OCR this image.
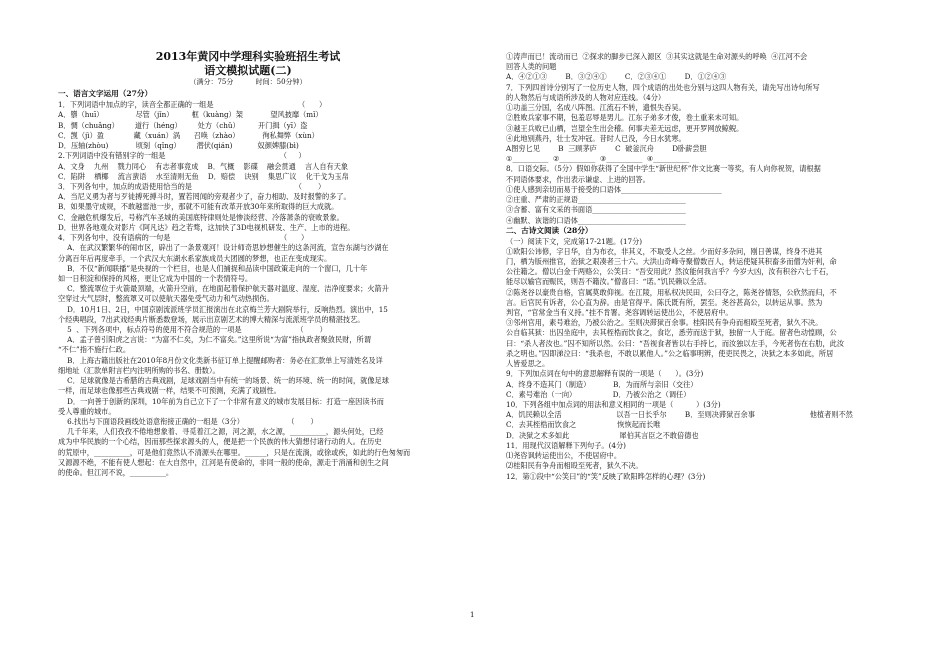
2013年黄冈中学理科实验班招生考试
语文模拟试题(二)
（满分：75分          时间：50分钟）
一、语言文字运用（27分）
1．下列词语中加点的字，读音全都正确的一组是                                     （      ）
A．隳（huī）              尽管（jǐn）        框（kuàng）架            望风披靡（mǐ）
B．惆（chuǎng）       道行（héng）       处方（chǔ）        开门揖（yī）盗
C．觊（jì）盈             藏（xuán）涡      召唤（zhào）          徇私舞弊（xùn）
D．压轴(zhòu)            顷刻（qǐng）       潜伏(qián)           奴颜婢膝(bì)
2.下列词语中没有错别字的一组是                                                  （     ）
A．文身    九州    戮力同心    有志者事竟成    B．气概    影碟    融会贯通    言人自有天象
C．陷阱    栖椰    流言蜚语    水至清则无鱼    D．赔偿    诀别    集思广议    化干戈为玉帛
3．下列各句中，加点的成语使用恰当的是                                             （       ）
A．当尼义勇为者与歹徒搏死搏斗时，置若罔闻的旁观者少了，奋力相助、及时报警的多了。
B．如果墨守成规，不敢越雷池一步，那就不可能有改革开放30年来所取得的巨大成就。
C．金融危机爆发后，号称汽车圣城的美国底特律则处是惨淡经营、冷落萧条的衰败景象。
D．世界各地观众对影片《阿凡达》趋之若骛，这加快了3D电视机研发、生产、上市的进程。
4．下列各句中，没有语病的一句是                                                （      ）
A．在武汉繁繁华的闹市区，辟出了一条景观河！设计师奇思妙想催生的这条河流，宣告东湖与沙湖在
分离百年后再度牵手，一个武汉大东湖水系家族成员大团圆的梦想，也正在变成现实。
B．不仅“新闻联播”是央视的一个栏目，也是人们捕捉和品读中国政策走向的一个窗口，几十年
如一日积淀和保持的风格，更让它成为中国的一个表情符号。
C．整流罩位于火箭最顶端，火箭升空前，在地面起着保护航天器对温度、湿度、洁净度要求；火箭升
空穿过大气层时，整流罩又可以使航天器免受气动力和气动热损伤。
D．10月1日、2日，中国京剧流派班学员汇报演出在北京梅兰芳大剧院举行，反响热烈。演出中，15
个经典唱段，7出武戏经典片断悉数登场，展示出京剧艺术的博大精深与流派班学员的精湛技艺。
5  、下列各项中，标点符号的使用不符合规范的一项是                        （       ）
A．孟子曾引阳虎之言说：“为富不仁矣，为仁不富矣。”这里所说“为富”指执政者聚敛民财，所谓
“不仁”指不施行仁政。
B．上海古籍出版社在2010年8月份文化类新书征订单上提醒邮购者：务必在汇款单上写清姓名及详
细地址（汇款单附言栏内注明所购的书名、册数）。
C．足球就像是古希腊的古典戏剧，足球戏剧当中有统一的场景、统一的环境、统一的时间，就像足球
一样，而足球也像那些古典戏剧一样，结果不可预测，充满了戏剧性。
D．一向善于创新的深圳，10年前为自己立下了一个非常有意义的城市发展目标：打造一座因读书而
受人尊重的城市。
6.找出与下面语段画线处语意衔接正确的一组是（3分）                   （       ）
几千年来，人们孜孜不倦地想象着、寻觅着江之源，河之源，水之源，__________，源头何处，已经
成为中华民族的一个心结，因而那些探求源头的人，便是把一个民族的伟大猜想付诸行动的人。在历史
的荒原中，__________，可是他们竟然认不清源头在哪里。______，只是在流淌，或徐或疾，如此的行色匆匆而
又源源不绝，不能有使人想起：在大自然中，江河是有使命的，非同一般的使命，源走于消涌和创生之间
的使命。但江河不说，__________。
①涛声而已！流动而已  ②探求的脚步已深入源区  ③其实这就是生命对源头的呼唤  ④江河不会
回答人类的问题
A．④②①③        B．③②④①        C．②③④①        D．①②④③
7．下列四首诗分别写了一位历史人物，四个成语的出处也分别与这四人物有关，请先写出诗句所写
的人物然后与成语所涉及的人物对应连线。（4分）
①功盖三分国，名成八阵图。江流石不转，遗恨失吞吴。
②胜败兵家事不期，包羞忍辱是男儿。江东子弟多才俊，卷土重来未可知。
③越王兵败已山栖，岂望全生出会稽。何事夫差无远虑，更开罗网放鲸鲵。
④此地别燕丹，壮士发冲冠。昔时人已没，今日水犹寒。
A图穷匕见        B  三顾茅庐        C  破釜沉舟        D卧薪尝胆
①__________  ②__________  ③__________  ④__________
8．口语交际。（5分）假如你获得了全国中学生“新世纪杯”作文比赛一等奖，有人向你祝贺，请根据
不同语体要求，作出表示谦虚、上进的回答。
①使人感到亲切而易于接受的口语体____________________________
②庄重、严肃的正规语______________________________
③含蓄、富有文采的书面语__________________________
④幽默、诙谐的口语体______________________________
二、古诗文阅读（28分）
（一）阅读下文，完成第17-21题。(17分)
①欧阳公讳修，字日华，自为布衣，非其义，不取受人之丝。少而好多杂问，刚日善谋，终身不进其
门，栖为版州推官，治狱之艰凑者三十六。大洪山奇峰寺聚僧数百人，转运使疑其积畜多而僧为奸利，命
公往籍之。僧以白金千两赂公，公笑曰：“吾安用此？然汝能何我言乎？今岁大凶，汝有积谷六七千石，
能尽以输官而赈民，则吾不籍汝。”僧喜曰：“诺。”饥民赖以全活。
②陈尧谷以豪贵自格，官属莫敢仰视。在江陵，用私权决民田，公曰夺之，陈尧谷情怒，公欣然而归，不
言。后官民有诉者，公心直为辞。由是官得平。陈氏既有所，罢至。尧谷甚高公，以转运从事。然为
判官，“官常金当有义持。”挂不肯署。尧容调转运使出公，不使居府中。
③邻州官用，素号难治，乃被公治之。至则决滞狱百余事。桂阳民有争舟而相殴至死者，狱久不决。
公自临其狱：出囚坐庭中，去其桎梏而饮食之，食讫，悉劳而送于狱，独留一人于庭。留者色动惶顾，公
曰：“杀人者汝也。”囚不知所以然。公曰：“吾视食者皆以右手持匕，而汝独以左手，今死者伤在右肋，此汝
杀之明也。”囚即涕泣曰：“我杀也，不敢以累他人。”公之临事明辨，使吏民畏之，决狱之本多如此，所居
人皆爱思之。
9．下列加点词在句中的意思解释有误的一项是（      ）。(3分)
A．终身不造其门（制造）          B．为而所与亲旧（交往）
C．素号难治（一向）                D．乃被公治之（调任）
10．下列各组中加点词的用法和意义相同的一项是（          ）(3分)
A．饥民赖以全活                        以吾一日长乎尔        B．至则决滞狱百余事                        他植者则不然
C．去其桎梏而饮食之                  恢恢起而长唯
D．决狱之术多如此                      犀伯其言臣之不敢倍德也
11．用现代汉语解释下列句子。(4分)
⑴尧咨讽转运使出公，不使居府中。
⑵桂阳民有争舟而相殴至死者，狱久不决。
12．第①段中“公笑曰”的“笑”反映了欧阳晔怎样的心理？(3分)
1
